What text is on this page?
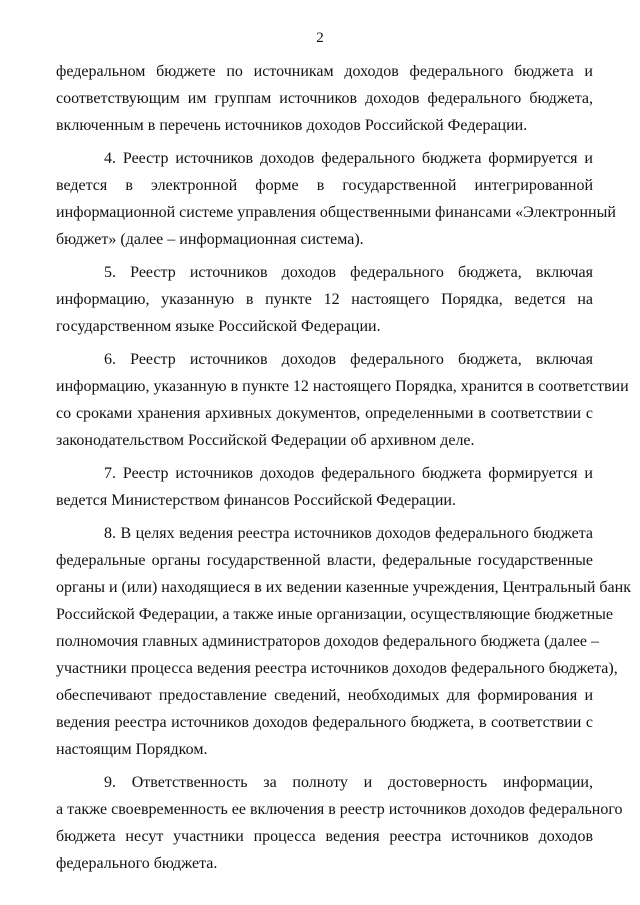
2
федеральном бюджете по источникам доходов федерального бюджета и
соответствующим им группам источников доходов федерального бюджета,
включенным в перечень источников доходов Российской Федерации.
4. Реестр источников доходов федерального бюджета формируется и
ведется в электронной форме в государственной интегрированной
информационной системе управления общественными финансами «Электронный
бюджет» (далее – информационная система).
5. Реестр источников доходов федерального бюджета, включая
информацию, указанную в пункте 12 настоящего Порядка, ведется на
государственном языке Российской Федерации.
6. Реестр источников доходов федерального бюджета, включая
информацию, указанную в пункте 12 настоящего Порядка, хранится в соответствии
со сроками хранения архивных документов, определенными в соответствии с
законодательством Российской Федерации об архивном деле.
7. Реестр источников доходов федерального бюджета формируется и
ведется Министерством финансов Российской Федерации.
8. В целях ведения реестра источников доходов федерального бюджета
федеральные органы государственной власти, федеральные государственные
органы и (или) находящиеся в их ведении казенные учреждения, Центральный банк
Российской Федерации, а также иные организации, осуществляющие бюджетные
полномочия главных администраторов доходов федерального бюджета (далее –
участники процесса ведения реестра источников доходов федерального бюджета),
обеспечивают предоставление сведений, необходимых для формирования и
ведения реестра источников доходов федерального бюджета, в соответствии с
настоящим Порядком.
9. Ответственность за полноту и достоверность информации,
а также своевременность ее включения в реестр источников доходов федерального
бюджета несут участники процесса ведения реестра источников доходов
федерального бюджета.
